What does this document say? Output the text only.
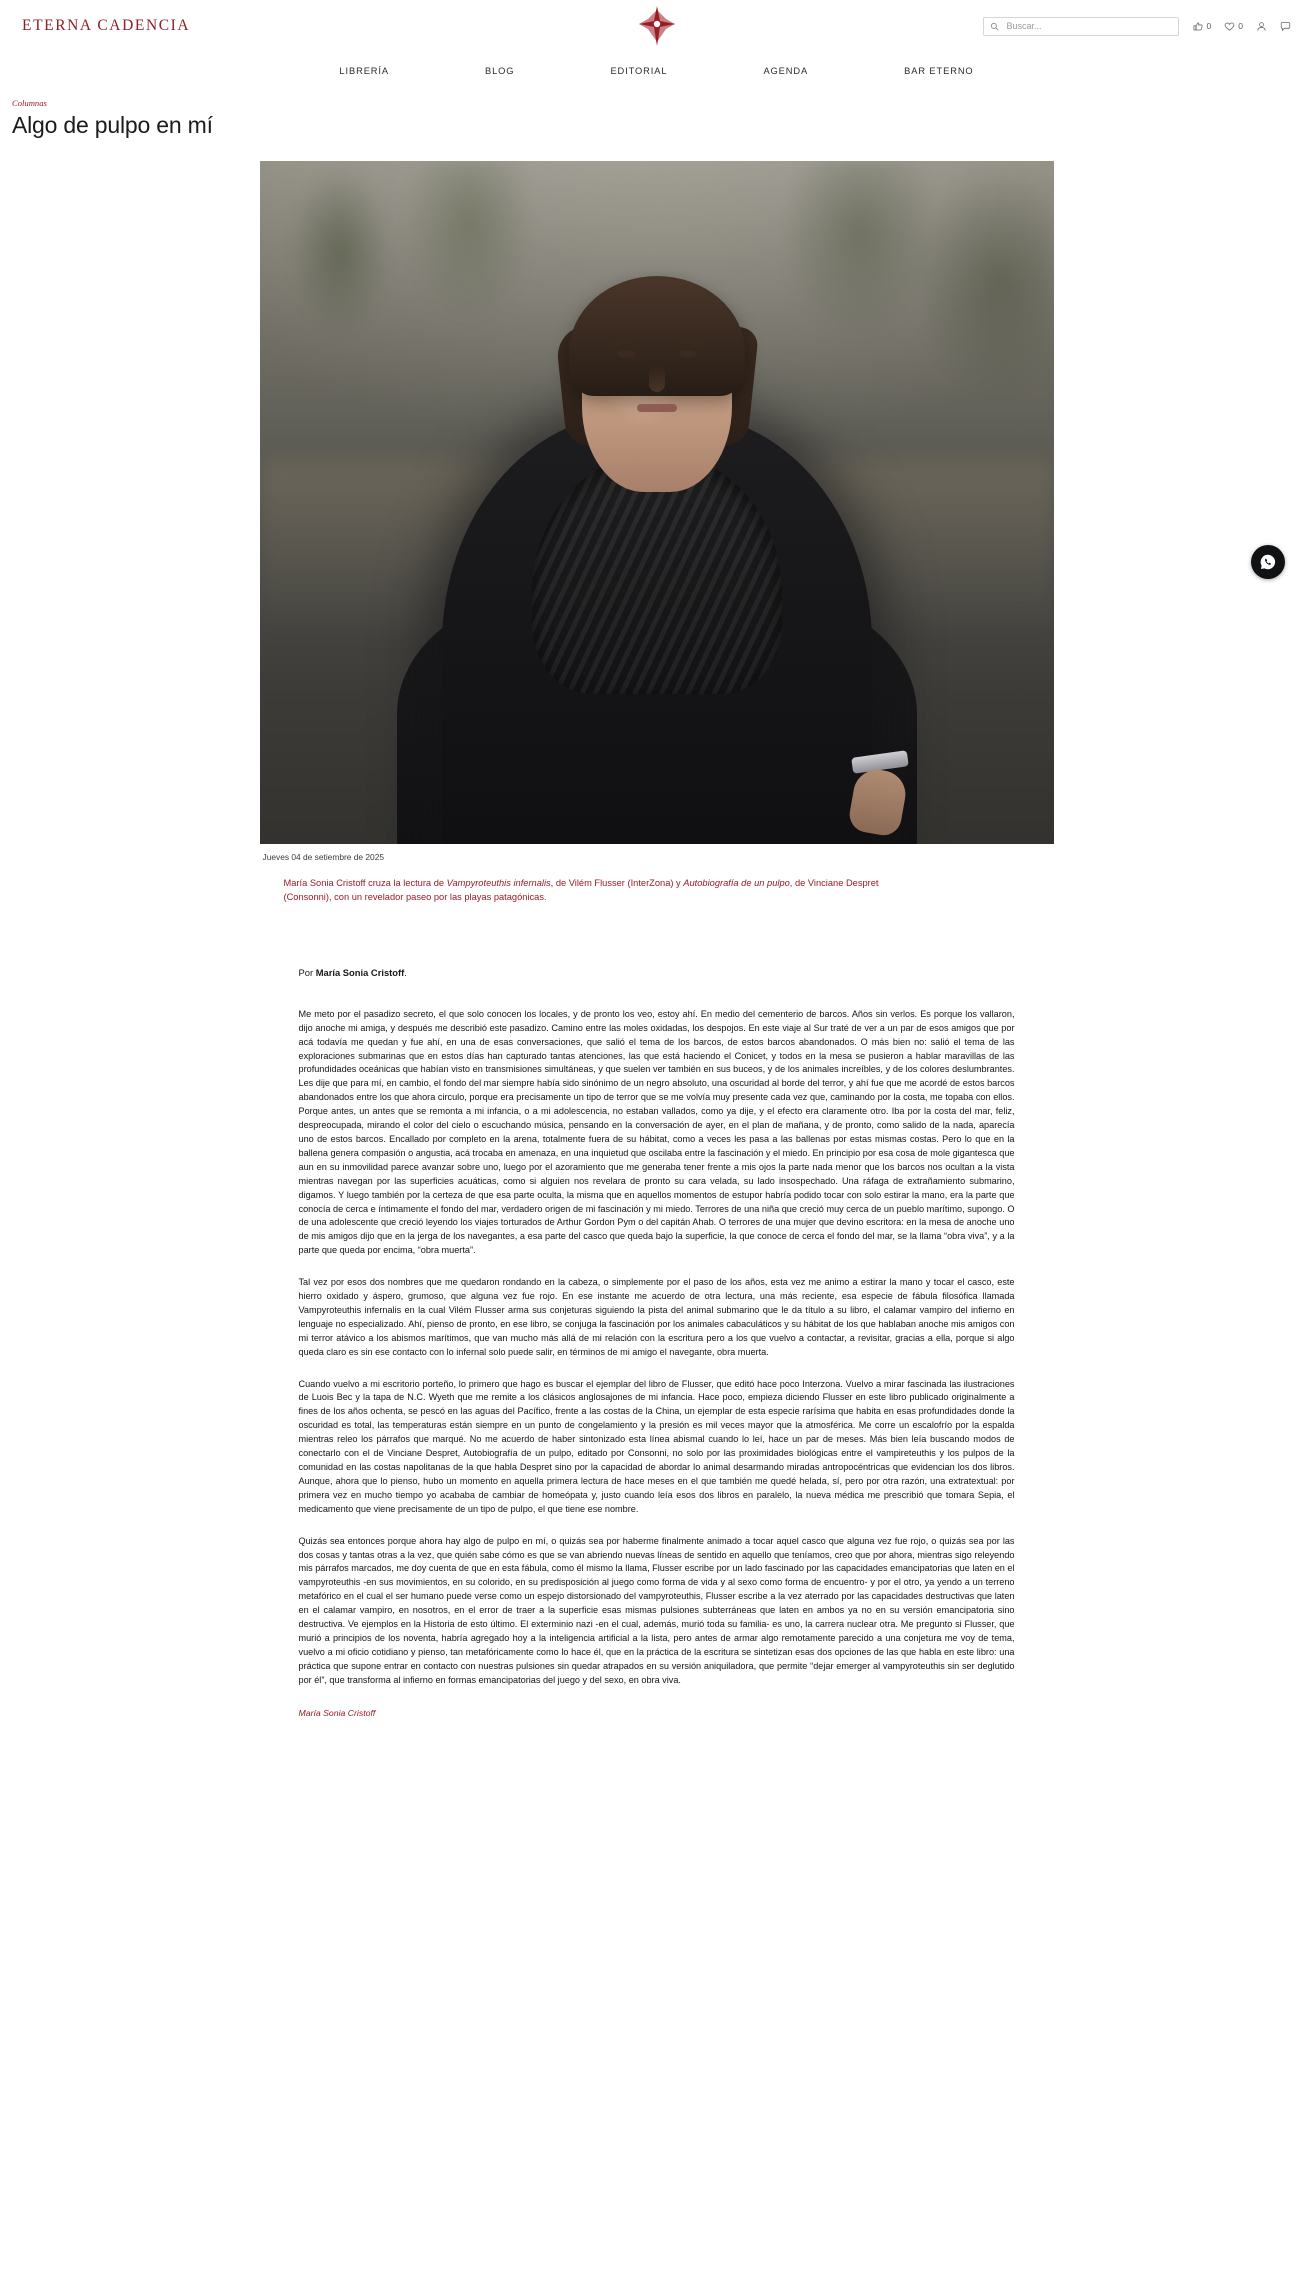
ETERNA CADENCIA
Buscar...	0	0
LIBRERÍA	BLOG	EDITORIAL	AGENDA	BAR ETERNO
Columnas
Algo de pulpo en mí
Jueves 04 de setiembre de 2025

María Sonia Cristoff cruza la lectura de Vampyroteuthis infernalis, de Vilém Flusser (InterZona) y Autobiografía de un pulpo, de Vinciane Despret (Consonni), con un revelador paseo por las playas patagónicas.

Por María Sonia Cristoff.

Me meto por el pasadizo secreto, el que solo conocen los locales, y de pronto los veo, estoy ahí. En medio del cementerio de barcos. Años sin verlos. Es porque los vallaron, dijo anoche mi amiga, y después me describió este pasadizo. Camino entre las moles oxidadas, los despojos. En este viaje al Sur traté de ver a un par de esos amigos que por acá todavía me quedan y fue ahí, en una de esas conversaciones, que salió el tema de los barcos, de estos barcos abandonados. O más bien no: salió el tema de las exploraciones submarinas que en estos días han capturado tantas atenciones, las que está haciendo el Conicet, y todos en la mesa se pusieron a hablar maravillas de las profundidades oceánicas que habían visto en transmisiones simultáneas, y que suelen ver también en sus buceos, y de los animales increíbles, y de los colores deslumbrantes. Les dije que para mí, en cambio, el fondo del mar siempre había sido sinónimo de un negro absoluto, una oscuridad al borde del terror, y ahí fue que me acordé de estos barcos abandonados entre los que ahora circulo, porque era precisamente un tipo de terror que se me volvía muy presente cada vez que, caminando por la costa, me topaba con ellos. Porque antes, un antes que se remonta a mi infancia, o a mi adolescencia, no estaban vallados, como ya dije, y el efecto era claramente otro. Iba por la costa del mar, feliz, despreocupada, mirando el color del cielo o escuchando música, pensando en la conversación de ayer, en el plan de mañana, y de pronto, como salido de la nada, aparecía uno de estos barcos. Encallado por completo en la arena, totalmente fuera de su hábitat, como a veces les pasa a las ballenas por estas mismas costas. Pero lo que en la ballena genera compasión o angustia, acá trocaba en amenaza, en una inquietud que oscilaba entre la fascinación y el miedo. En principio por esa cosa de mole gigantesca que aun en su inmovilidad parece avanzar sobre uno, luego por el azoramiento que me generaba tener frente a mis ojos la parte nada menor que los barcos nos ocultan a la vista mientras navegan por las superficies acuáticas, como si alguien nos revelara de pronto su cara velada, su lado insospechado. Una ráfaga de extrañamiento submarino, digamos. Y luego también por la certeza de que esa parte oculta, la misma que en aquellos momentos de estupor habría podido tocar con solo estirar la mano, era la parte que conocía de cerca e íntimamente el fondo del mar, verdadero origen de mi fascinación y mi miedo. Terrores de una niña que creció muy cerca de un pueblo marítimo, supongo. O de una adolescente que creció leyendo los viajes torturados de Arthur Gordon Pym o del capitán Ahab. O terrores de una mujer que devino escritora: en la mesa de anoche uno de mis amigos dijo que en la jerga de los navegantes, a esa parte del casco que queda bajo la superficie, la que conoce de cerca el fondo del mar, se la llama “obra viva”, y a la parte que queda por encima, “obra muerta”.

Tal vez por esos dos nombres que me quedaron rondando en la cabeza, o simplemente por el paso de los años, esta vez me animo a estirar la mano y tocar el casco, este hierro oxidado y áspero, grumoso, que alguna vez fue rojo. En ese instante me acuerdo de otra lectura, una más reciente, esa especie de fábula filosófica llamada Vampyroteuthis infernalis en la cual Vilém Flusser arma sus conjeturas siguiendo la pista del animal submarino que le da título a su libro, el calamar vampiro del infierno en lenguaje no especializado. Ahí, pienso de pronto, en ese libro, se conjuga la fascinación por los animales cabaculáticos y su hábitat de los que hablaban anoche mis amigos con mi terror atávico a los abismos marítimos, que van mucho más allá de mi relación con la escritura pero a los que vuelvo a contactar, a revisitar, gracias a ella, porque si algo queda claro es sin ese contacto con lo infernal solo puede salir, en términos de mi amigo el navegante, obra muerta.

Cuando vuelvo a mi escritorio porteño, lo primero que hago es buscar el ejemplar del libro de Flusser, que editó hace poco Interzona. Vuelvo a mirar fascinada las ilustraciones de Luois Bec y la tapa de N.C. Wyeth que me remite a los clásicos anglosajones de mi infancia. Hace poco, empieza diciendo Flusser en este libro publicado originalmente a fines de los años ochenta, se pescó en las aguas del Pacífico, frente a las costas de la China, un ejemplar de esta especie rarísima que habita en esas profundidades donde la oscuridad es total, las temperaturas están siempre en un punto de congelamiento y la presión es mil veces mayor que la atmosférica. Me corre un escalofrío por la espalda mientras releo los párrafos que marqué. No me acuerdo de haber sintonizado esta línea abismal cuando lo leí, hace un par de meses. Más bien leía buscando modos de conectarlo con el de Vinciane Despret, Autobiografía de un pulpo, editado por Consonni, no solo por las proximidades biológicas entre el vampireteuthis y los pulpos de la comunidad en las costas napolitanas de la que habla Despret sino por la capacidad de abordar lo animal desarmando miradas antropocéntricas que evidencian los dos libros. Aunque, ahora que lo pienso, hubo un momento en aquella primera lectura de hace meses en el que también me quedé helada, sí, pero por otra razón, una extratextual: por primera vez en mucho tiempo yo acababa de cambiar de homeópata y, justo cuando leía esos dos libros en paralelo, la nueva médica me prescribió que tomara Sepia, el medicamento que viene precisamente de un tipo de pulpo, el que tiene ese nombre.

Quizás sea entonces porque ahora hay algo de pulpo en mí, o quizás sea por haberme finalmente animado a tocar aquel casco que alguna vez fue rojo, o quizás sea por las dos cosas y tantas otras a la vez, que quién sabe cómo es que se van abriendo nuevas líneas de sentido en aquello que teníamos, creo que por ahora, mientras sigo releyendo mis párrafos marcados, me doy cuenta de que en esta fábula, como él mismo la llama, Flusser escribe por un lado fascinado por las capacidades emancipatorias que laten en el vampyroteuthis -en sus movimientos, en su colorido, en su predisposición al juego como forma de vida y al sexo como forma de encuentro- y por el otro, ya yendo a un terreno metafórico en el cual el ser humano puede verse como un espejo distorsionado del vampyroteuthis, Flusser escribe a la vez aterrado por las capacidades destructivas que laten en el calamar vampiro, en nosotros, en el error de traer a la superficie esas mismas pulsiones subterráneas que laten en ambos ya no en su versión emancipatoria sino destructiva. Ve ejemplos en la Historia de esto último. El exterminio nazi -en el cual, además, murió toda su familia- es uno, la carrera nuclear otra. Me pregunto si Flusser, que murió a principios de los noventa, habría agregado hoy a la inteligencia artificial a la lista, pero antes de armar algo remotamente parecido a una conjetura me voy de tema, vuelvo a mi oficio cotidiano y pienso, tan metafóricamente como lo hace él, que en la práctica de la escritura se sintetizan esas dos opciones de las que habla en este libro: una práctica que supone entrar en contacto con nuestras pulsiones sin quedar atrapados en su versión aniquiladora, que permite “dejar emerger al vampyroteuthis sin ser deglutido por él”, que transforma al infierno en formas emancipatorias del juego y del sexo, en obra viva.

María Sonia Cristoff
